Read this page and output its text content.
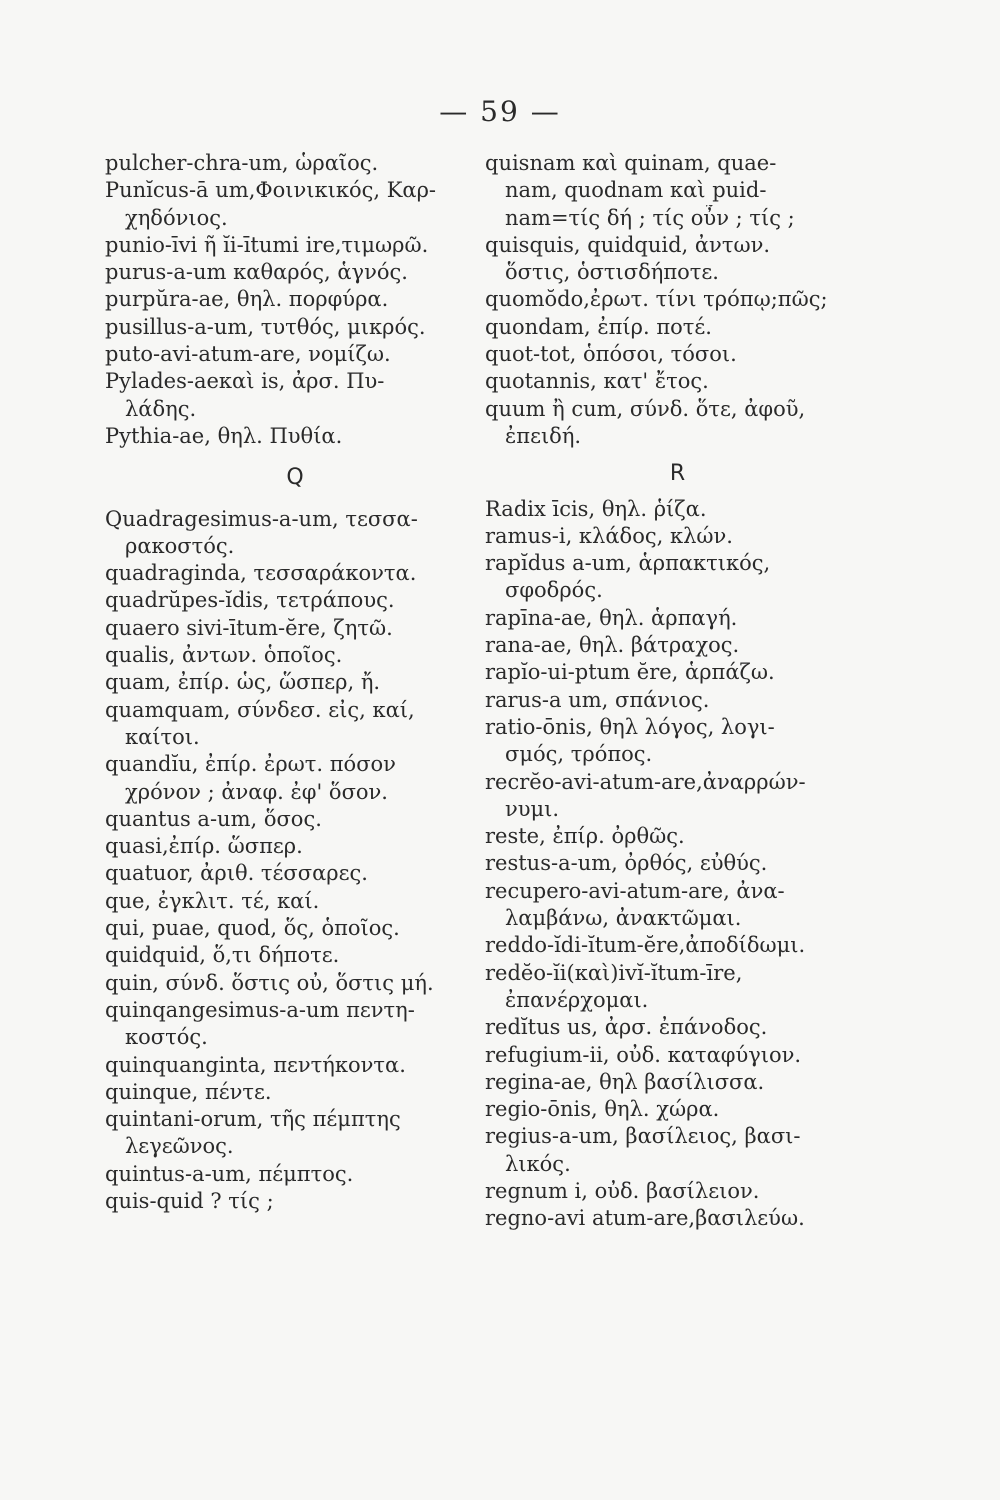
— 59 —
pulcher-chra-um, ὡραῖος.
Punĭcus-ā um,Φοινικικός, Καρ-
χηδόνιος.
punio-īvi ῆ ĭi-ītumi ire,τιμωρῶ.
purus-a-um καθαρός, ἁγνός.
purpŭra-ae, θηλ. πορφύρα.
pusillus-a-um, τυτθός, μικρός.
puto-avi-atum-are, νομίζω.
Pylades-aeκαὶ is, ἀρσ. Πυ-
λάδης.
Pythia-ae, θηλ. Πυθία.
Q
Quadragesimus-a-um, τεσσα-
ρακοστός.
quadraginda, τεσσαράκοντα.
quadrŭpes-ĭdis, τετράπους.
quaero sivi-ītum-ĕre, ζητῶ.
qualis, ἀντων. ὁποῖος.
quam, ἐπίρ. ὡς, ὥσπερ, ἤ.
quamquam, σύνδεσ. εἰς, καί,
καίτοι.
quandĭu, ἐπίρ. ἐρωτ. πόσον
χρόνον ; ἀναφ. ἐφ' ὅσον.
quantus a-um, ὅσος.
quasi,ἐπίρ. ὥσπερ.
quatuor, ἀριθ. τέσσαρες.
que, ἐγκλιτ. τέ, καί.
qui, puae, quod, ὅς, ὁποῖος.
quidquid, ὅ,τι δήποτε.
quin, σύνδ. ὅστις οὐ, ὅστις μή.
quinqangesimus-a-um πεντη-
κοστός.
quinquanginta, πεντήκοντα.
quinque, πέντε.
quintani-orum, τῆς πέμπτης
λεγεῶνος.
quintus-a-um, πέμπτος.
quis-quid ? τίς ;
quisnam καὶ quinam, quae-
nam, quodnam καὶ puid-
nam=τίς δή ; τίς οὖν ; τίς ;
quisquis, quidquid, ἀντων.
ὅστις, ὁστισδήποτε.
quomŏdo,ἐρωτ. τίνι τρόπῳ;πῶς;
quondam, ἐπίρ. ποτέ.
quot-tot, ὁπόσοι, τόσοι.
quotannis, κατ' ἔτος.
quum ἢ cum, σύνδ. ὅτε, ἀφοῦ,
ἐπειδή.
R
Radix īcis, θηλ. ῥίζα.
ramus-i, κλάδος, κλών.
rapĭdus a-um, ἁρπακτικός,
σφοδρός.
rapīna-ae, θηλ. ἁρπαγή.
rana-ae, θηλ. βάτραχος.
rapĭo-ui-ptum ĕre, ἁρπάζω.
rarus-a um, σπάνιος.
ratio-ōnis, θηλ λόγος, λογι-
σμός, τρόπος.
recrĕo-avi-atum-are,ἀναρρών-
νυμι.
reste, ἐπίρ. ὀρθῶς.
restus-a-um, ὀρθός, εὐθύς.
recupero-avi-atum-are, ἀνα-
λαμβάνω, ἀνακτῶμαι.
reddo-ĭdi-ĭtum-ĕre,ἀποδίδωμι.
redĕo-ĭi(καὶ)ivĭ-ĭtum-īre,
ἐπανέρχομαι.
redĭtus us, ἀρσ. ἐπάνοδος.
refugium-ii, οὐδ. καταφύγιον.
regina-ae, θηλ βασίλισσα.
regio-ōnis, θηλ. χώρα.
regius-a-um, βασίλειος, βασι-
λικός.
regnum i, οὐδ. βασίλειον.
regno-avi atum-are,βασιλεύω.
